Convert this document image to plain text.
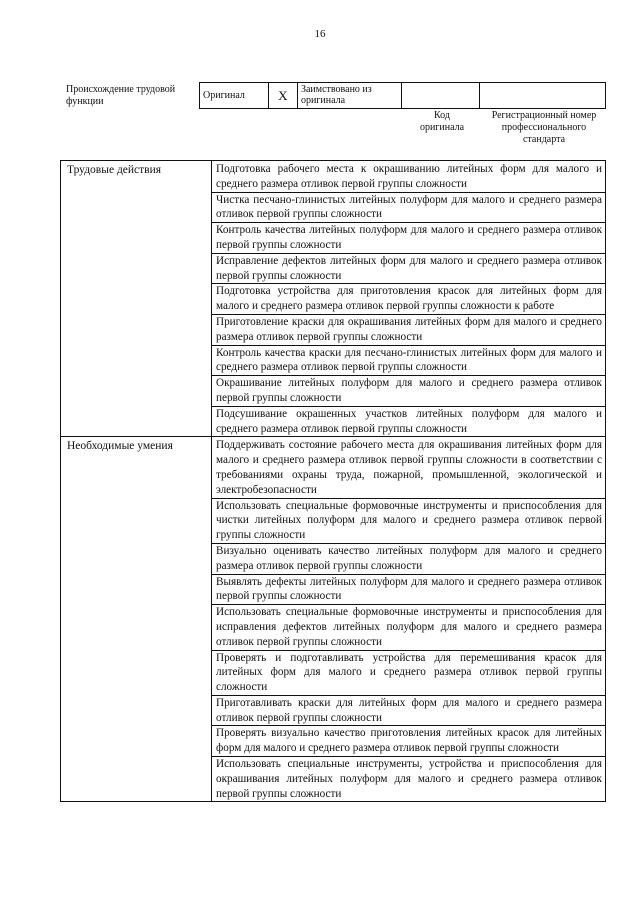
16
Происхождение трудовой функции
Оригинал	X	Заимствовано из оригинала		
Код оригинала
Регистрационный номер профессионального стандарта
Трудовые действия	Подготовка рабочего места к окрашиванию литейных форм для малого и среднего размера отливок первой группы сложности
	Чистка песчано-глинистых литейных полуформ для малого и среднего размера отливок первой группы сложности
	Контроль качества литейных полуформ для малого и среднего размера отливок первой группы сложности
	Исправление дефектов литейных форм для малого и среднего размера отливок первой группы сложности
	Подготовка устройства для приготовления красок для литейных форм для малого и среднего размера отливок первой группы сложности к работе
	Приготовление краски для окрашивания литейных форм для малого и среднего размера отливок первой группы сложности
	Контроль качества краски для песчано-глинистых литейных форм для малого и среднего размера отливок первой группы сложности
	Окрашивание литейных полуформ для малого и среднего размера отливок первой группы сложности
	Подсушивание окрашенных участков литейных полуформ для малого и среднего размера отливок первой группы сложности
Необходимые умения	Поддерживать состояние рабочего места для окрашивания литейных форм для малого и среднего размера отливок первой группы сложности в соответствии с требованиями охраны труда, пожарной, промышленной, экологической и электробезопасности
	Использовать специальные формовочные инструменты и приспособления для чистки литейных полуформ для малого и среднего размера отливок первой группы сложности
	Визуально оценивать качество литейных полуформ для малого и среднего размера отливок первой группы сложности
	Выявлять дефекты литейных полуформ для малого и среднего размера отливок первой группы сложности
	Использовать специальные формовочные инструменты и приспособления для исправления дефектов литейных полуформ для малого и среднего размера отливок первой группы сложности
	Проверять и подготавливать устройства для перемешивания красок для литейных форм для малого и среднего размера отливок первой группы сложности
	Приготавливать краски для литейных форм для малого и среднего размера отливок первой группы сложности
	Проверять визуально качество приготовления литейных красок для литейных форм для малого и среднего размера отливок первой группы сложности
	Использовать специальные инструменты, устройства и приспособления для окрашивания литейных полуформ для малого и среднего размера отливок первой группы сложности
